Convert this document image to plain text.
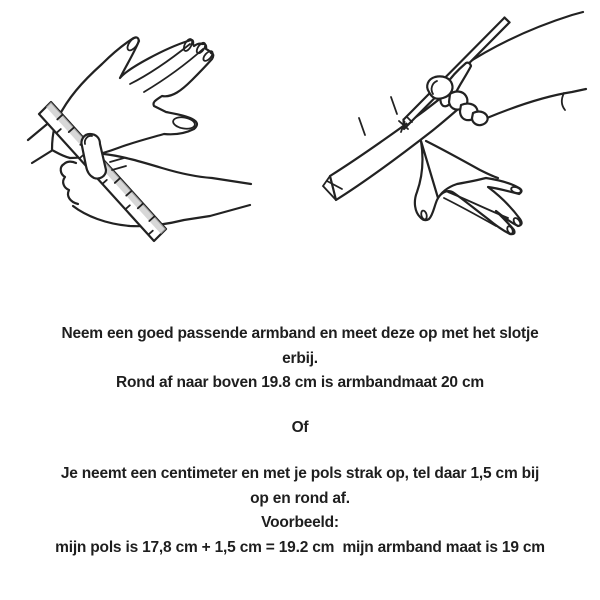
Neem een goed passende armband en meet deze op met het slotje
erbij.
Rond af naar boven 19.8 cm is armbandmaat 20 cm

Of

Je neemt een centimeter en met je pols strak op, tel daar 1,5 cm bij
op en rond af.
Voorbeeld:
mijn pols is 17,8 cm + 1,5 cm = 19.2 cm  mijn armband maat is 19 cm
